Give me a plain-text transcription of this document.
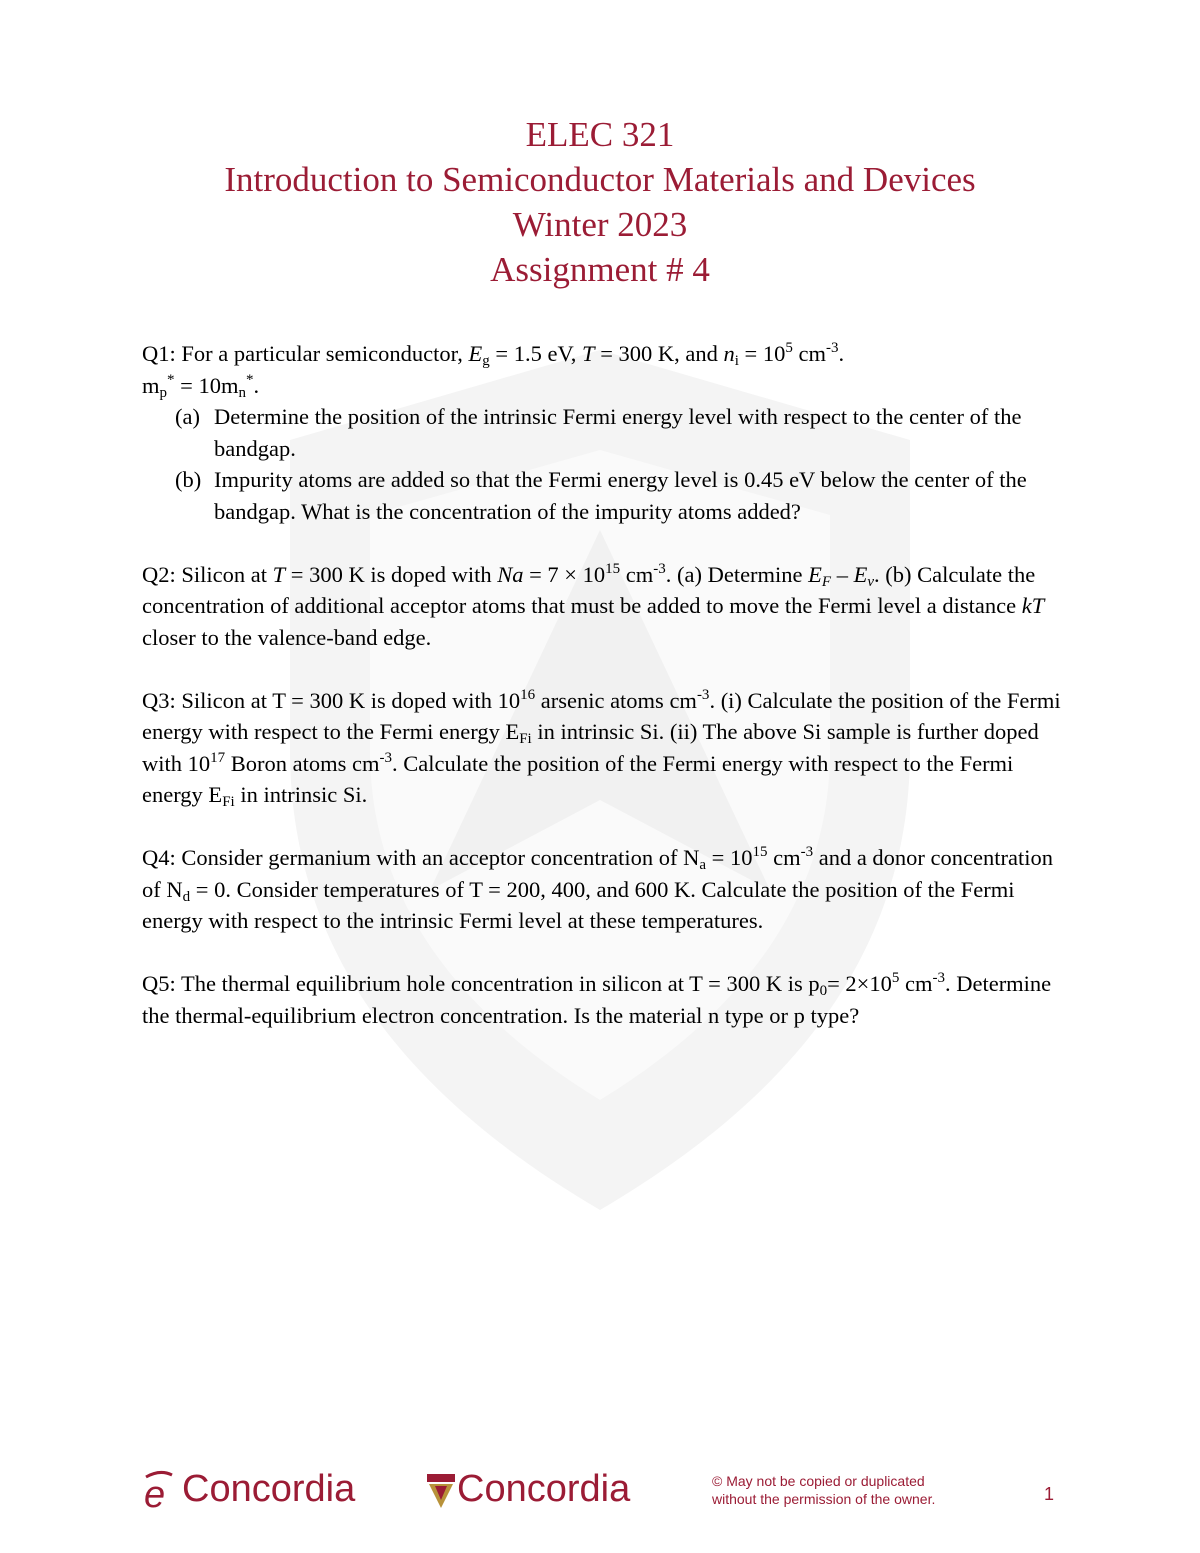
ELEC 321
Introduction to Semiconductor Materials and Devices
Winter 2023
Assignment # 4

Q1: For a particular semiconductor, $E_g = 1.5$ eV, T = 300 K, and $n_i = 10^5$ $cm^{-3}$.

$m_p^* = 10m_n^*$.

(a) Determine the position of the intrinsic Fermi energy level with respect to the center of the bandgap.
(b) Impurity atoms are added so that the Fermi energy level is 0.45 eV below the center of the bandgap. What is the concentration of the impurity atoms added?

Q2: Silicon at T = 300 K is doped with $Na = 7 \times 10^{15}$ $cm^{-3}$. (a) Determine $E_F - E_v$. (b) Calculate the concentration of additional acceptor atoms that must be added to move the Fermi level a distance kT closer to the valence-band edge.

Q3: Silicon at T = 300 K is doped with $10^{16}$ arsenic atoms $cm^{-3}$. (i) Calculate the position of the Fermi energy with respect to the Fermi energy $E_{Fi}$ in intrinsic Si. (ii) The above Si sample is further doped with $10^{17}$ Boron atoms $cm^{-3}$. Calculate the position of the Fermi energy with respect to the Fermi energy $E_{Fi}$ in intrinsic Si.

Q4: Consider germanium with an acceptor concentration of $N_a = 10^{15}$ $cm^{-3}$ and a donor concentration of $N_d = 0$. Consider temperatures of T = 200, 400, and 600 K. Calculate the position of the Fermi energy with respect to the intrinsic Fermi level at these temperatures.

Q5: The thermal equilibrium hole concentration in silicon at T = 300 K is $p_0= 2\times 10^5$ $cm^{-3}$. Determine the thermal-equilibrium electron concentration. Is the material n type or p type?

e Concordia	Concordia	© May not be copied or duplicated
without the permission of the owner.	1
